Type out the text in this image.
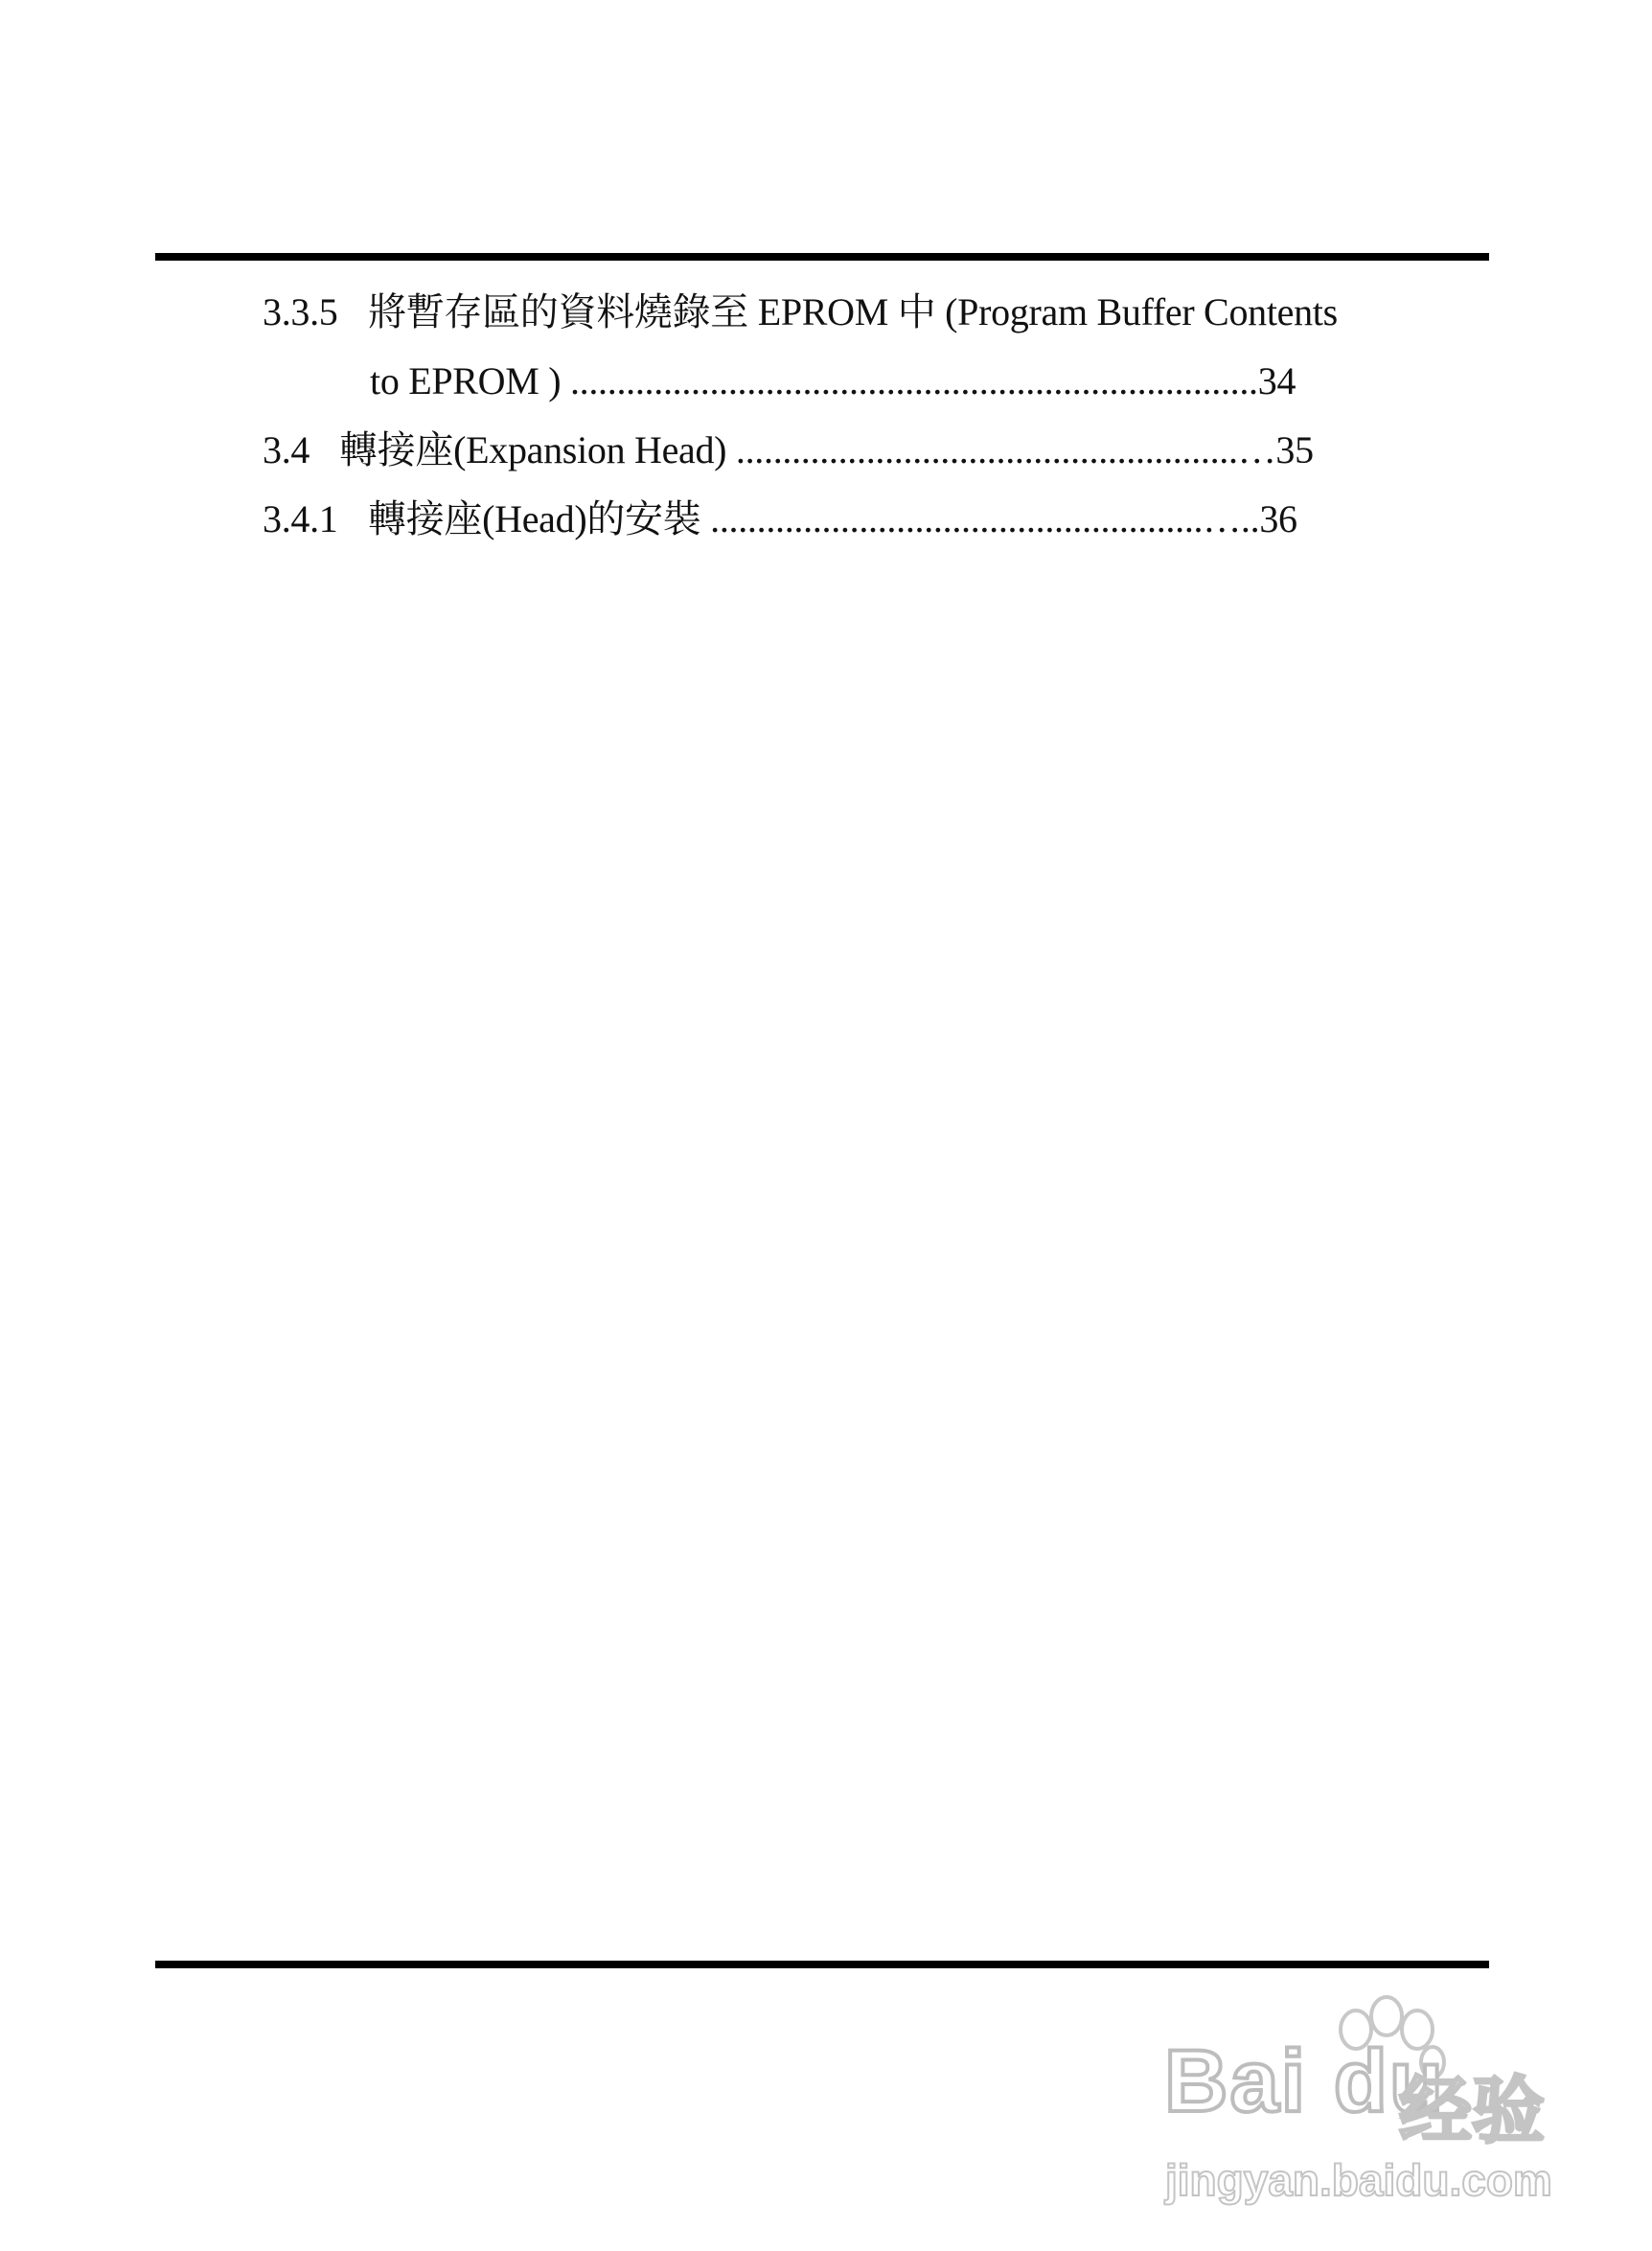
3.3.5 將暫存區的資料燒錄至 EPROM 中 (Program Buffer Contents
to EPROM ) ..........................................................................34
3.4 轉接座(Expansion Head) ......................................................…35
3.4.1 轉接座(Head)的安裝 .....................................................…..36
Bai du
经验
jingyan.baidu.com
